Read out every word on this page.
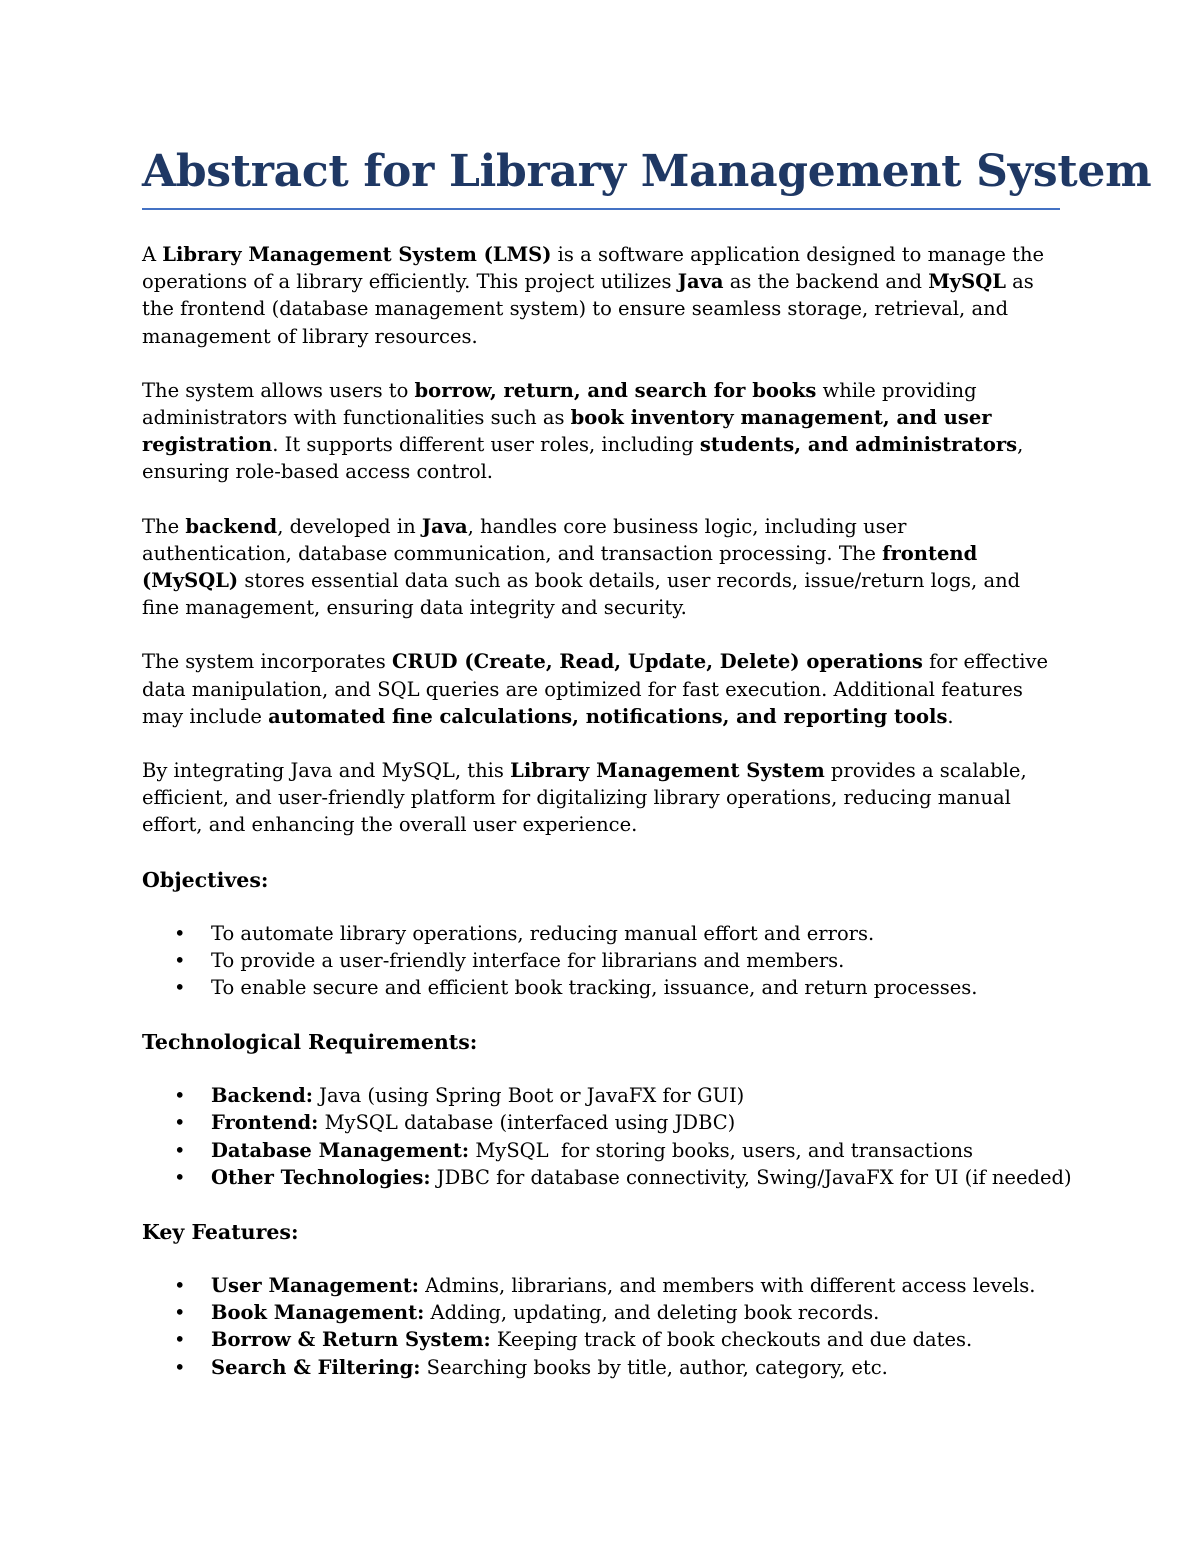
Abstract for Library Management System

A Library Management System (LMS) is a software application designed to manage the operations of a library efficiently. This project utilizes Java as the backend and MySQL as the frontend (database management system) to ensure seamless storage, retrieval, and management of library resources.

The system allows users to borrow, return, and search for books while providing administrators with functionalities such as book inventory management, and user registration. It supports different user roles, including students, and administrators, ensuring role-based access control.

The backend, developed in Java, handles core business logic, including user authentication, database communication, and transaction processing. The frontend (MySQL) stores essential data such as book details, user records, issue/return logs, and fine management, ensuring data integrity and security.

The system incorporates CRUD (Create, Read, Update, Delete) operations for effective data manipulation, and SQL queries are optimized for fast execution. Additional features may include automated fine calculations, notifications, and reporting tools.

By integrating Java and MySQL, this Library Management System provides a scalable, efficient, and user-friendly platform for digitalizing library operations, reducing manual effort, and enhancing the overall user experience.

Objectives:
• To automate library operations, reducing manual effort and errors.
• To provide a user-friendly interface for librarians and members.
• To enable secure and efficient book tracking, issuance, and return processes.
Technological Requirements:
• Backend: Java (using Spring Boot or JavaFX for GUI)
• Frontend: MySQL database (interfaced using JDBC)
• Database Management: MySQL  for storing books, users, and transactions
• Other Technologies: JDBC for database connectivity, Swing/JavaFX for UI (if needed)
Key Features:
• User Management: Admins, librarians, and members with different access levels.
• Book Management: Adding, updating, and deleting book records.
• Borrow & Return System: Keeping track of book checkouts and due dates.
• Search & Filtering: Searching books by title, author, category, etc.
